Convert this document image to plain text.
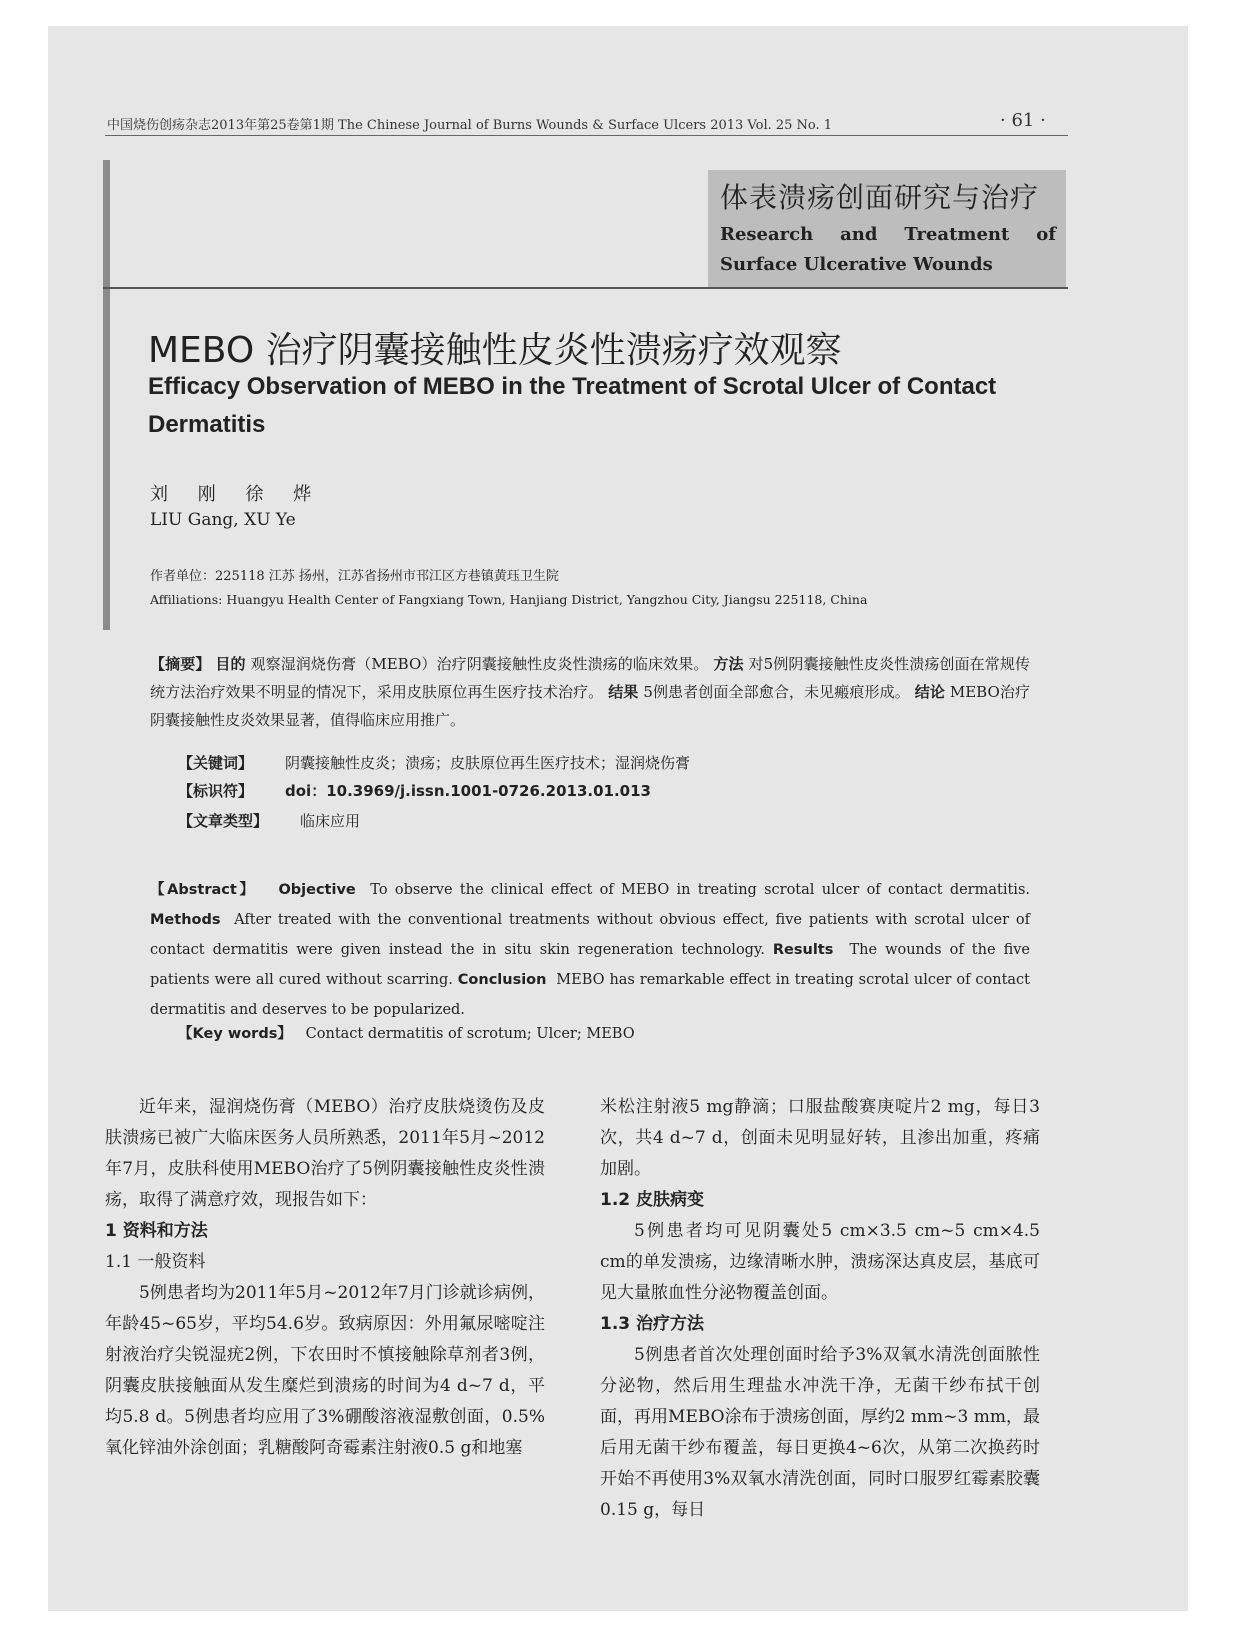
中国烧伤创疡杂志2013年第25卷第1期 The Chinese Journal of Burns Wounds & Surface Ulcers 2013 Vol. 25 No. 1	· 61 ·
体表溃疡创面研究与治疗
Research and Treatment of Surface Ulcerative Wounds
MEBO 治疗阴囊接触性皮炎性溃疡疗效观察
Efficacy Observation of MEBO in the Treatment of Scrotal Ulcer of Contact Dermatitis
刘 刚 徐 烨
LIU Gang, XU Ye
作者单位：225118 江苏 扬州，江苏省扬州市邗江区方巷镇黄珏卫生院
Affiliations: Huangyu Health Center of Fangxiang Town, Hanjiang District, Yangzhou City, Jiangsu 225118, China
【摘要】 目的 观察湿润烧伤膏（MEBO）治疗阴囊接触性皮炎性溃疡的临床效果。 方法 对5例阴囊接触性皮炎性溃疡创面在常规传统方法治疗效果不明显的情况下，采用皮肤原位再生医疗技术治疗。 结果 5例患者创面全部愈合，未见瘢痕形成。 结论 MEBO治疗阴囊接触性皮炎效果显著，值得临床应用推广。
【关键词】 阴囊接触性皮炎；溃疡；皮肤原位再生医疗技术；湿润烧伤膏
【标识符】 doi：10.3969/j.issn.1001-0726.2013.01.013
【文章类型】 临床应用
【Abstract】 Objective To observe the clinical effect of MEBO in treating scrotal ulcer of contact dermatitis. Methods After treated with the conventional treatments without obvious effect, five patients with scrotal ulcer of contact dermatitis were given instead the in situ skin regeneration technology. Results The wounds of the five patients were all cured without scarring. Conclusion MEBO has remarkable effect in treating scrotal ulcer of contact dermatitis and deserves to be popularized.
【Key words】 Contact dermatitis of scrotum; Ulcer; MEBO

近年来，湿润烧伤膏（MEBO）治疗皮肤烧烫伤及皮肤溃疡已被广大临床医务人员所熟悉，2011年5月~2012年7月，皮肤科使用MEBO治疗了5例阴囊接触性皮炎性溃疡，取得了满意疗效，现报告如下：

1 资料和方法
1.1 一般资料

5例患者均为2011年5月~2012年7月门诊就诊病例，年龄45~65岁，平均54.6岁。致病原因：外用氟尿嘧啶注射液治疗尖锐湿疣2例，下农田时不慎接触除草剂者3例，阴囊皮肤接触面从发生糜烂到溃疡的时间为4 d~7 d，平均5.8 d。5例患者均应用了3%硼酸溶液湿敷创面，0.5%氧化锌油外涂创面；乳糖酸阿奇霉素注射液0.5 g和地塞

米松注射液5 mg静滴；口服盐酸赛庚啶片2 mg，每日3次，共4 d~7 d，创面未见明显好转，且渗出加重，疼痛加剧。

1.2 皮肤病变

5例患者均可见阴囊处5 cm×3.5 cm~5 cm×4.5 cm的单发溃疡，边缘清晰水肿，溃疡深达真皮层，基底可见大量脓血性分泌物覆盖创面。

1.3 治疗方法

5例患者首次处理创面时给予3%双氧水清洗创面脓性分泌物，然后用生理盐水冲洗干净，无菌干纱布拭干创面，再用MEBO涂布于溃疡创面，厚约2 mm~3 mm，最后用无菌干纱布覆盖，每日更换4~6次，从第二次换药时开始不再使用3%双氧水清洗创面，同时口服罗红霉素胶囊0.15 g，每日
